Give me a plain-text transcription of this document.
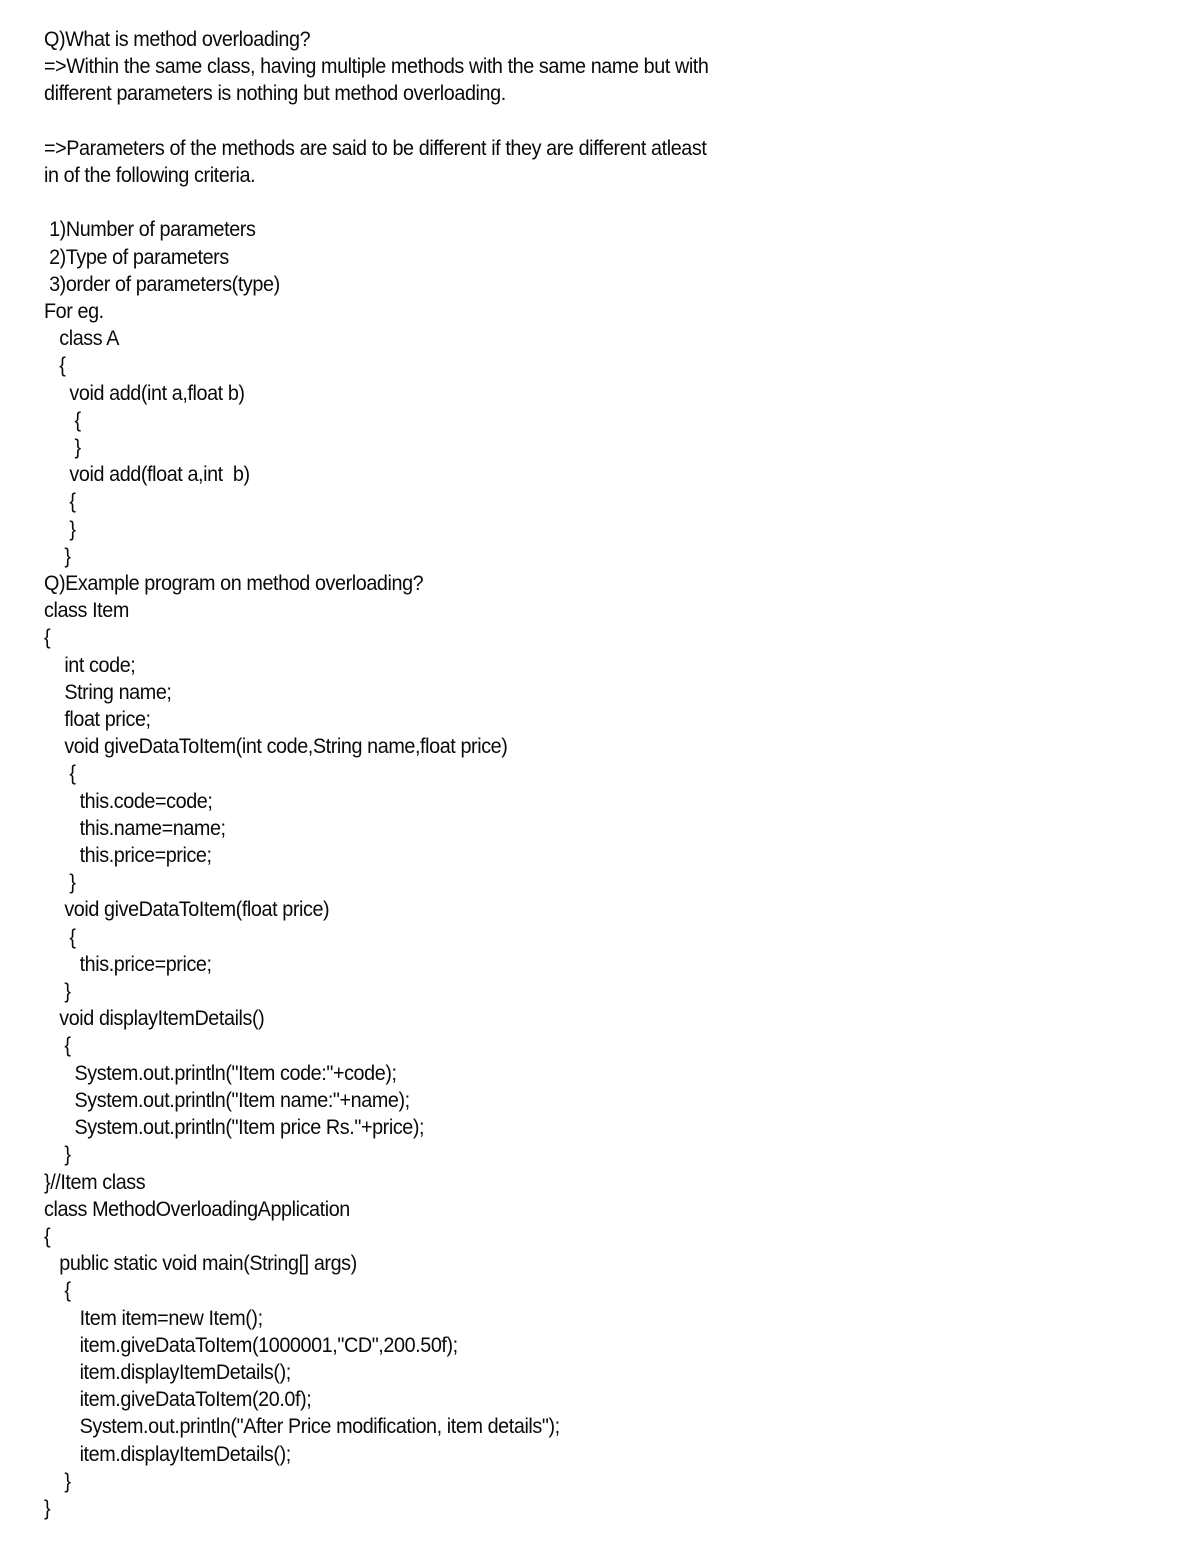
Q)What is method overloading?
=>Within the same class, having multiple methods with the same name but with
different parameters is nothing but method overloading.

=>Parameters of the methods are said to be different if they are different atleast
in of the following criteria.

1)Number of parameters
2)Type of parameters
3)order of parameters(type)
For eg.
class A
{
void add(int a,float b)
{
}
void add(float a,int  b)
{
}
}
Q)Example program on method overloading?
class Item
{
int code;
String name;
float price;
void giveDataToItem(int code,String name,float price)
{
this.code=code;
this.name=name;
this.price=price;
}
void giveDataToItem(float price)
{
this.price=price;
}
void displayItemDetails()
{
System.out.println("Item code:"+code);
System.out.println("Item name:"+name);
System.out.println("Item price Rs."+price);
}
}//Item class
class MethodOverloadingApplication
{
public static void main(String[] args)
{
Item item=new Item();
item.giveDataToItem(1000001,"CD",200.50f);
item.displayItemDetails();
item.giveDataToItem(20.0f);
System.out.println("After Price modification, item details");
item.displayItemDetails();
}
}
